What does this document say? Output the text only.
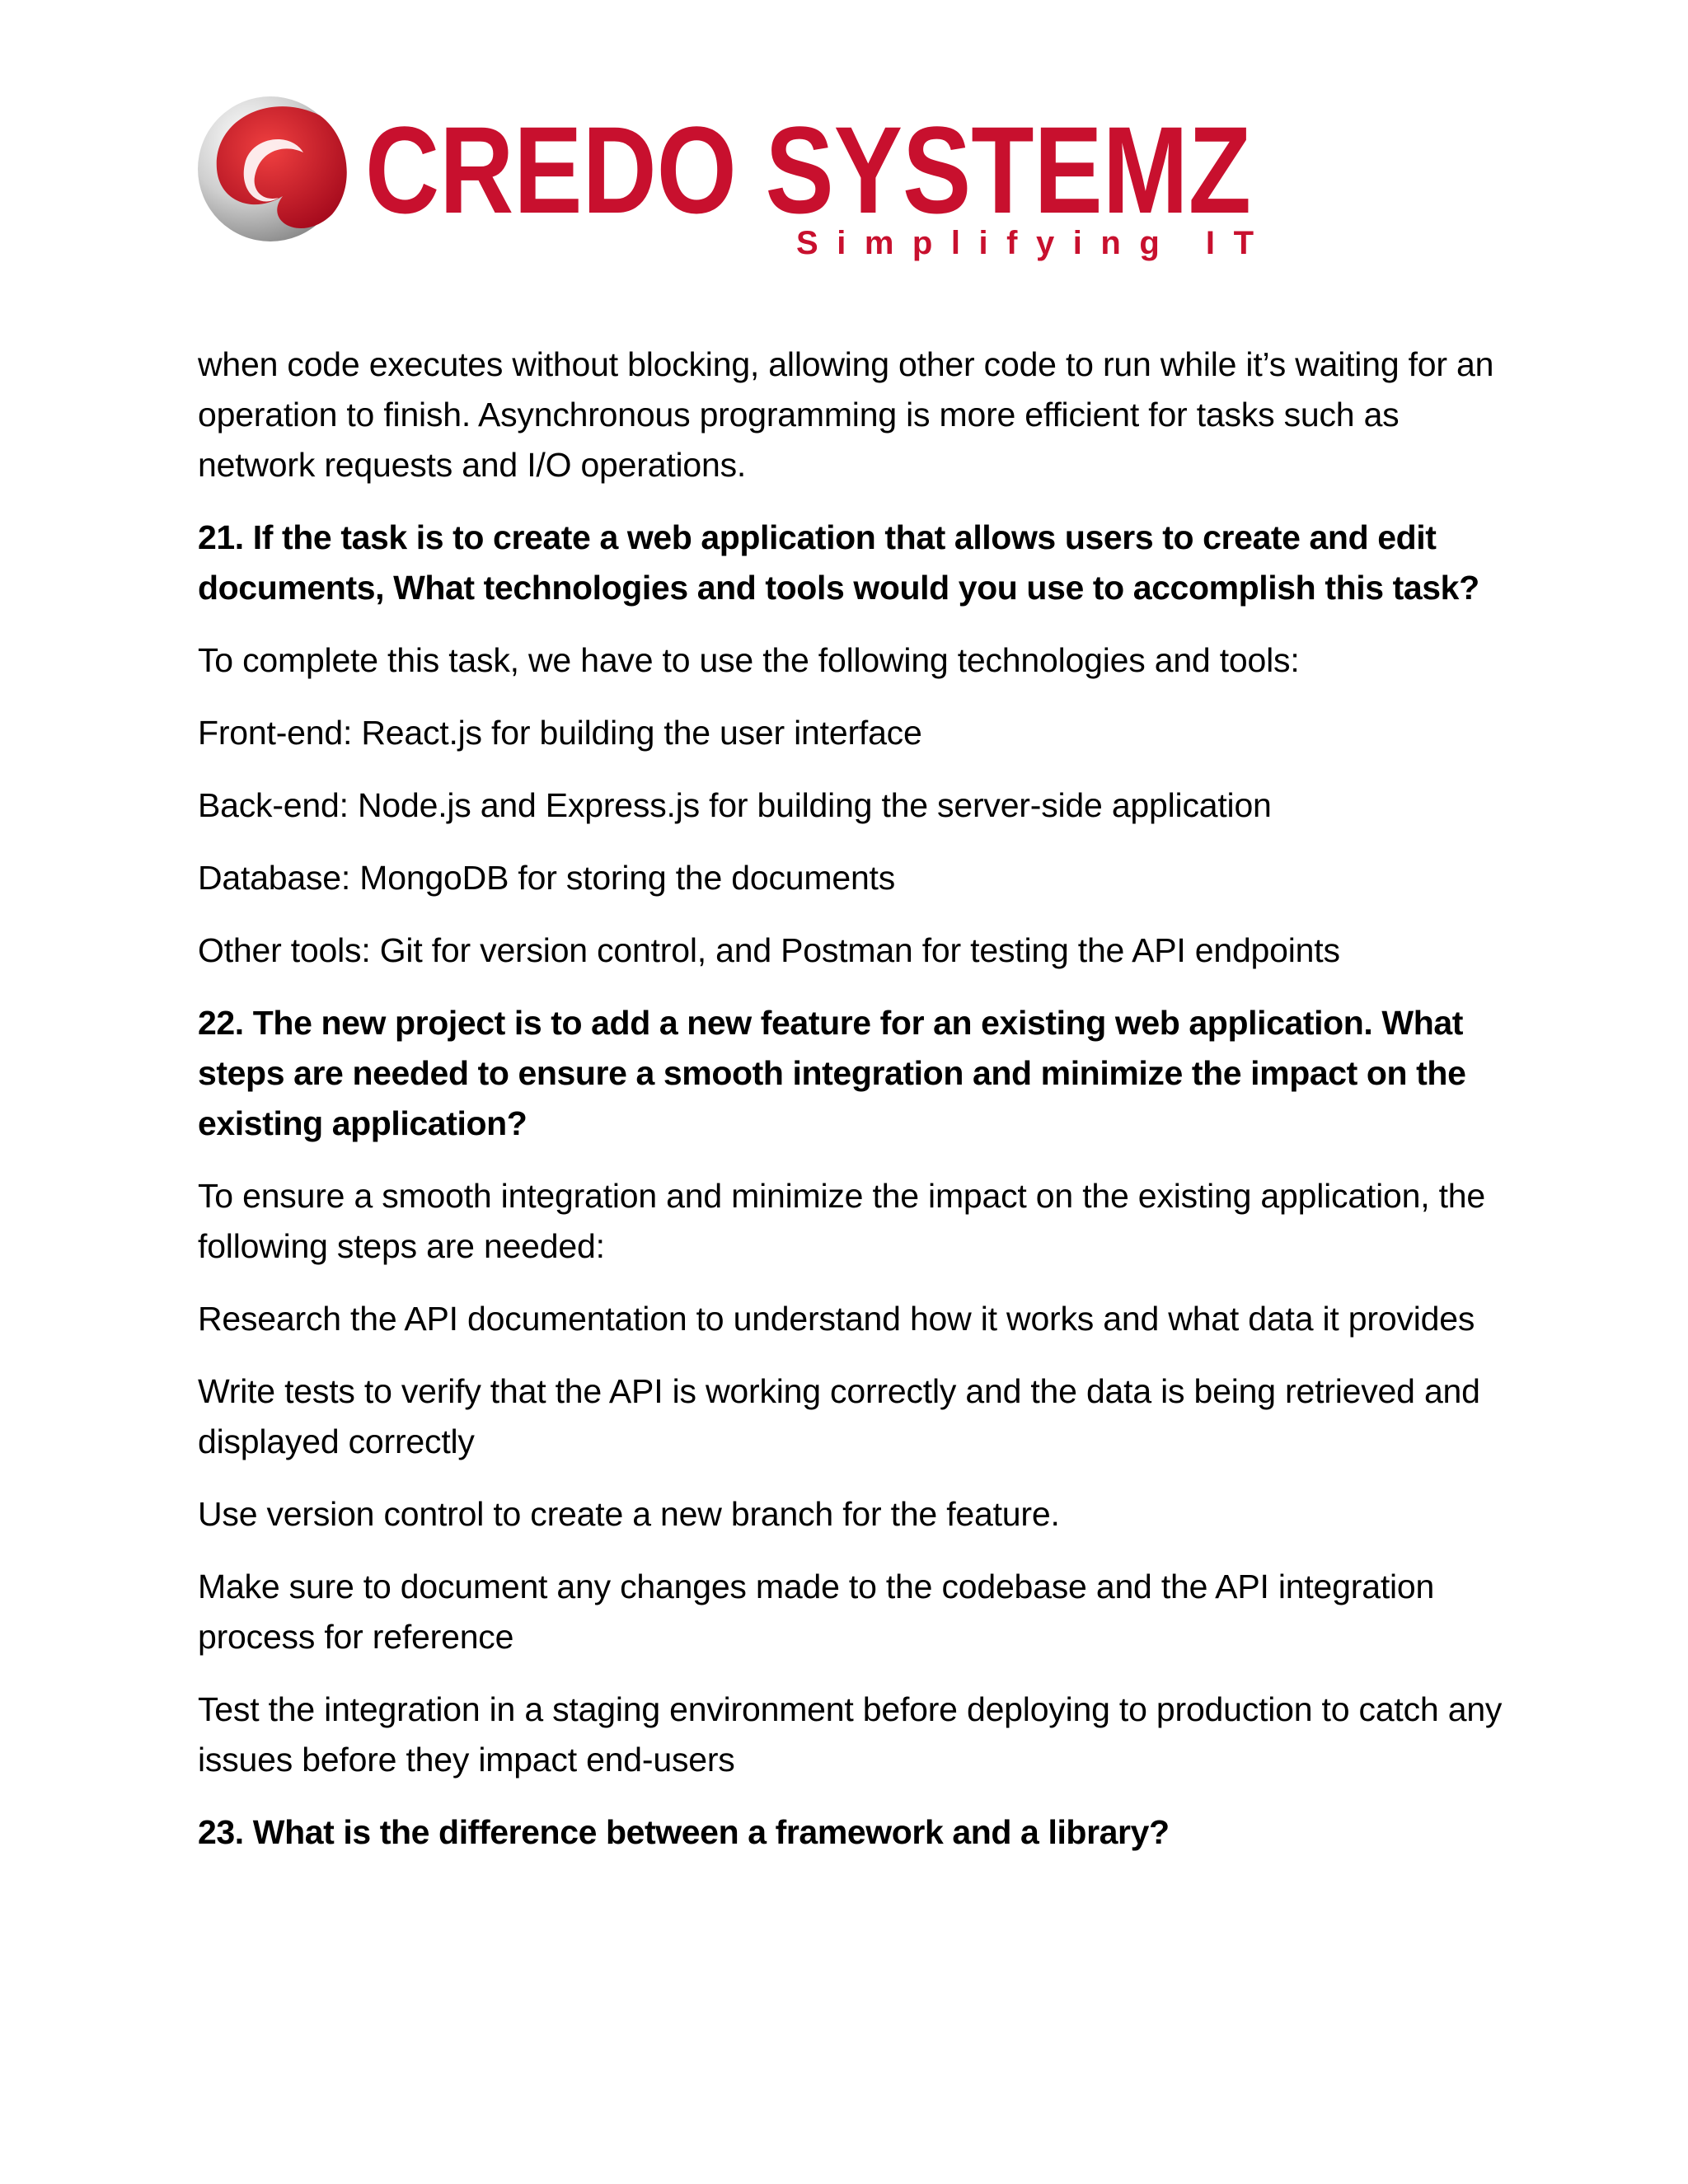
CREDO SYSTEMZ
Simplifying IT

when code executes without blocking, allowing other code to run while it’s waiting for an operation to finish. Asynchronous programming is more efficient for tasks such as network requests and I/O operations.

21. If the task is to create a web application that allows users to create and edit documents, What technologies and tools would you use to accomplish this task?

To complete this task, we have to use the following technologies and tools:

Front-end: React.js for building the user interface

Back-end: Node.js and Express.js for building the server-side application

Database: MongoDB for storing the documents

Other tools: Git for version control, and Postman for testing the API endpoints

22. The new project is to add a new feature for an existing web application. What steps are needed to ensure a smooth integration and minimize the impact on the existing application?

To ensure a smooth integration and minimize the impact on the existing application, the following steps are needed:

Research the API documentation to understand how it works and what data it provides

Write tests to verify that the API is working correctly and the data is being retrieved and displayed correctly

Use version control to create a new branch for the feature.

Make sure to document any changes made to the codebase and the API integration process for reference

Test the integration in a staging environment before deploying to production to catch any issues before they impact end-users

23. What is the difference between a framework and a library?
